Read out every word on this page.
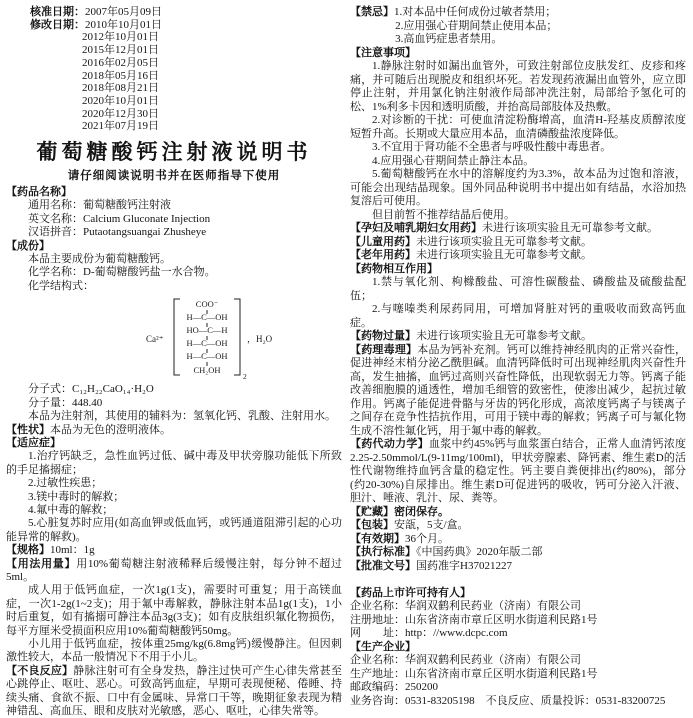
核准日期：2007年05月09日
修改日期：2010年10月01日
2012年10月01日
2015年12月01日
2016年02月05日
2018年05月16日
2018年08月21日
2020年10月01日
2020年12月30日
2021年07月19日
葡萄糖酸钙注射液说明书
请仔细阅读说明书并在医师指导下使用
【药品名称】
通用名称：葡萄糖酸钙注射液
英文名称：Calcium Gluconate Injection
汉语拼音：Putaotangsuangai Zhusheye
【成份】
本品主要成份为葡萄糖酸钙。
化学名称：D-葡萄糖酸钙盐一水合物。
化学结构式：
Ca²⁺
COO⁻
H—C—OH
HO—C—H
H—C—OH
H—C—OH
CH₂OH
2
，H₂O
分子式：C₁₂H₂₂CaO₁₄·H₂O
分子量：448.40
本品为注射剂，其使用的辅料为：氢氧化钙、乳酸、注射用水。
【性状】本品为无色的澄明液体。
【适应症】
1.治疗钙缺乏，急性血钙过低、碱中毒及甲状旁腺功能低下所致的手足搐搦症；
2.过敏性疾患；
3.镁中毒时的解救；
4.氟中毒的解救；
5.心脏复苏时应用(如高血钾或低血钙，或钙通道阻滞引起的心功能异常的解救)。
【规格】10ml：1g
【用法用量】用10%葡萄糖注射液稀释后缓慢注射，每分钟不超过5ml。
成人用于低钙血症，一次1g(1支)，需要时可重复；用于高镁血症，一次1-2g(1~2支)；用于氟中毒解救，静脉注射本品1g(1支)，1小时后重复，如有搐搦可静注本品3g(3支)；如有皮肤组织氟化物损伤，每平方厘米受损面积应用10%葡萄糖酸钙50mg。
小儿用于低钙血症，按体重25mg/kg(6.8mg钙)缓慢静注。但因刺激性较大，本品一般情况下不用于小儿。
【不良反应】静脉注射可有全身发热，静注过快可产生心律失常甚至心跳停止、呕吐、恶心。可致高钙血症，早期可表现便秘、倦睡、持续头痛、食欲不振、口中有金属味、异常口干等，晚期征象表现为精神错乱、高血压、眼和皮肤对光敏感，恶心、呕吐，心律失常等。
【禁忌】1.对本品中任何成份过敏者禁用；
2.应用强心苷期间禁止使用本品；
3.高血钙症患者禁用。
【注意事项】
1.静脉注射时如漏出血管外，可致注射部位皮肤发红、皮疹和疼痛，并可随后出现脱皮和组织坏死。若发现药液漏出血管外，应立即停止注射，并用氯化钠注射液作局部冲洗注射，局部给予氢化可的松、1%利多卡因和透明质酸，并抬高局部肢体及热敷。
2.对诊断的干扰：可使血清淀粉酶增高，血清H-羟基皮质醇浓度短暂升高。长期或大量应用本品，血清磷酸盐浓度降低。
3.不宜用于肾功能不全患者与呼吸性酸中毒患者。
4.应用强心苷期间禁止静注本品。
5.葡萄糖酸钙在水中的溶解度约为3.3%，故本品为过饱和溶液，可能会出现结晶现象。国外同品种说明书中提出如有结晶，水浴加热复溶后可使用。
但目前暂不推荐结晶后使用。
【孕妇及哺乳期妇女用药】未进行该项实验且无可靠参考文献。
【儿童用药】未进行该项实验且无可靠参考文献。
【老年用药】未进行该项实验且无可靠参考文献。
【药物相互作用】
1.禁与氧化剂、枸橼酸盐、可溶性碳酸盐、磷酸盐及硫酸盐配伍；
2.与噻嗪类利尿药同用，可增加肾脏对钙的重吸收而致高钙血症。
【药物过量】未进行该项实验且无可靠参考文献。
【药理毒理】本品为钙补充剂。钙可以维持神经肌肉的正常兴奋性，促进神经末梢分泌乙酰胆碱。血清钙降低时可出现神经肌肉兴奋性升高，发生抽搐，血钙过高则兴奋性降低，出现软弱无力等。钙离子能改善细胞膜的通透性，增加毛细管的致密性，使渗出减少，起抗过敏作用。钙离子能促进骨骼与牙齿的钙化形成，高浓度钙离子与镁离子之间存在竞争性拮抗作用，可用于镁中毒的解救；钙离子可与氟化物生成不溶性氟化钙，用于氟中毒的解救。
【药代动力学】血浆中约45%钙与血浆蛋白结合，正常人血清钙浓度2.25-2.50mmol/L(9-11mg/100ml)，甲状旁腺素、降钙素、维生素D的活性代谢物维持血钙含量的稳定性。钙主要自粪便排出(约80%)，部分(约20-30%)自尿排出。维生素D可促进钙的吸收，钙可分泌入汗液、胆汁、唾液、乳汁、尿、粪等。
【贮藏】密闭保存。
【包装】安瓿，5支/盒。
【有效期】36个月。
【执行标准】《中国药典》2020年版二部
【批准文号】国药准字H37021227
【药品上市许可持有人】
企业名称：华润双鹤利民药业（济南）有限公司
注册地址：山东省济南市章丘区明水街道利民路1号
网　　址：http：//www.dcpc.com
【生产企业】
企业名称：华润双鹤利民药业（济南）有限公司
生产地址：山东省济南市章丘区明水街道利民路1号
邮政编码：250200
业务咨询：0531-83205198　不良反应、质量投诉：0531-83200725
